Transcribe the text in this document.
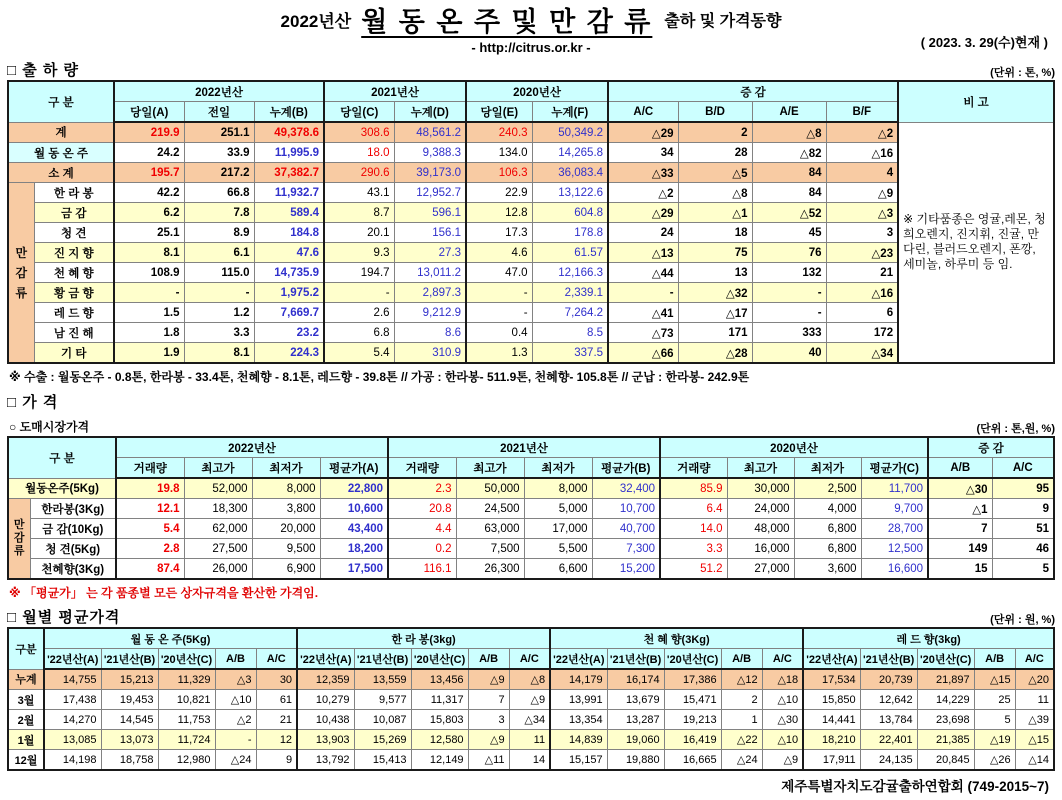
2022년산 월 동 온 주 및 만 감 류 출하 및 가격동향
- http://citrus.or.kr -	( 2023. 3. 29(수)현재 )
□ 출 하 량	(단위 : 톤, %)
구 분		2022년산			2021년산		2020년산		증 감				비 고
		당일(A)	전일	누계(B)	당일(C)	누계(D)	당일(E)	누계(F)	A/C	B/D	A/E	B/F	
계		219.9	251.1	49,378.6	308.6	48,561.2	240.3	50,349.2	△29	2	△8	△2	※ 기타품종은 영귤,레몬, 청희오렌지, 진지휘, 진귤, 만다린, 블러드오렌지, 폰깡,세미놀, 하루미 등 임.

월 동 온 주		24.2	33.9	11,995.9	18.0	9,388.3	134.0	14,265.8	34	28	△82	△16	
소 계		195.7	217.2	37,382.7	290.6	39,173.0	106.3	36,083.4	△33	△5	84	4	
만
감
류	한 라 봉	42.2	66.8	11,932.7	43.1	12,952.7	22.9	13,122.6	△2	△8	84	△9	
	금 감	6.2	7.8	589.4	8.7	596.1	12.8	604.8	△29	△1	△52	△3	
	청 견	25.1	8.9	184.8	20.1	156.1	17.3	178.8	24	18	45	3	
	진 지 향	8.1	6.1	47.6	9.3	27.3	4.6	61.57	△13	75	76	△23	
	천 혜 향	108.9	115.0	14,735.9	194.7	13,011.2	47.0	12,166.3	△44	13	132	21	
	황 금 향	-	-	1,975.2	-	2,897.3	-	2,339.1	-	△32	-	△16	
	레 드 향	1.5	1.2	7,669.7	2.6	9,212.9	-	7,264.2	△41	△17	-	6	
	남 진 해	1.8	3.3	23.2	6.8	8.6	0.4	8.5	△73	171	333	172	
	기 타	1.9	8.1	224.3	5.4	310.9	1.3	337.5	△66	△28	40	△34	
※ 수출 : 월동온주 - 0.8톤, 한라봉 - 33.4톤, 천혜향 - 8.1톤, 레드향 - 39.8톤 // 가공 : 한라봉- 511.9톤, 천혜향- 105.8톤 // 군납 : 한라봉- 242.9톤
□ 가 격
○ 도매시장가격	(단위 : 톤,원, %)
구 분		2022년산				2021년산				2020년산				증 감	
		거래량	최고가	최저가	평균가(A)	거래량	최고가	최저가	평균가(B)	거래량	최고가	최저가	평균가(C)	A/B	A/C
월동온주(5Kg)		19.8	52,000	8,000	22,800	2.3	50,000	8,000	32,400	85.9	30,000	2,500	11,700	△30	95
만
감
류	한라봉(3Kg)	12.1	18,300	3,800	10,600	20.8	24,500	5,000	10,700	6.4	24,000	4,000	9,700	△1	9
	금 감(10Kg)	5.4	62,000	20,000	43,400	4.4	63,000	17,000	40,700	14.0	48,000	6,800	28,700	7	51
	청 견(5Kg)	2.8	27,500	9,500	18,200	0.2	7,500	5,500	7,300	3.3	16,000	6,800	12,500	149	46
	천혜향(3Kg)	87.4	26,000	6,900	17,500	116.1	26,300	6,600	15,200	51.2	27,000	3,600	16,600	15	5
※ 「평균가」 는 각 품종별 모든 상자규격을 환산한 가격임.
□ 월별 평균가격	(단위 : 원, %)
구분	월 동 온 주(5Kg)					한 라 봉(3kg)					천 혜 향(3Kg)					레 드 향(3kg)				
	'22년산(A)	'21년산(B)	'20년산(C)	A/B	A/C	'22년산(A)	'21년산(B)	'20년산(C)	A/B	A/C	'22년산(A)	'21년산(B)	'20년산(C)	A/B	A/C	'22년산(A)	'21년산(B)	'20년산(C)	A/B	A/C
누계	14,755	15,213	11,329	△3	30	12,359	13,559	13,456	△9	△8	14,179	16,174	17,386	△12	△18	17,534	20,739	21,897	△15	△20
3월	17,438	19,453	10,821	△10	61	10,279	9,577	11,317	7	△9	13,991	13,679	15,471	2	△10	15,850	12,642	14,229	25	11
2월	14,270	14,545	11,753	△2	21	10,438	10,087	15,803	3	△34	13,354	13,287	19,213	1	△30	14,441	13,784	23,698	5	△39
1월	13,085	13,073	11,724	-	12	13,903	15,269	12,580	△9	11	14,839	19,060	16,419	△22	△10	18,210	22,401	21,385	△19	△15
12월	14,198	18,758	12,980	△24	9	13,792	15,413	12,149	△11	14	15,157	19,880	16,665	△24	△9	17,911	24,135	20,845	△26	△14
제주특별자치도감귤출하연합회 (749-2015~7)
